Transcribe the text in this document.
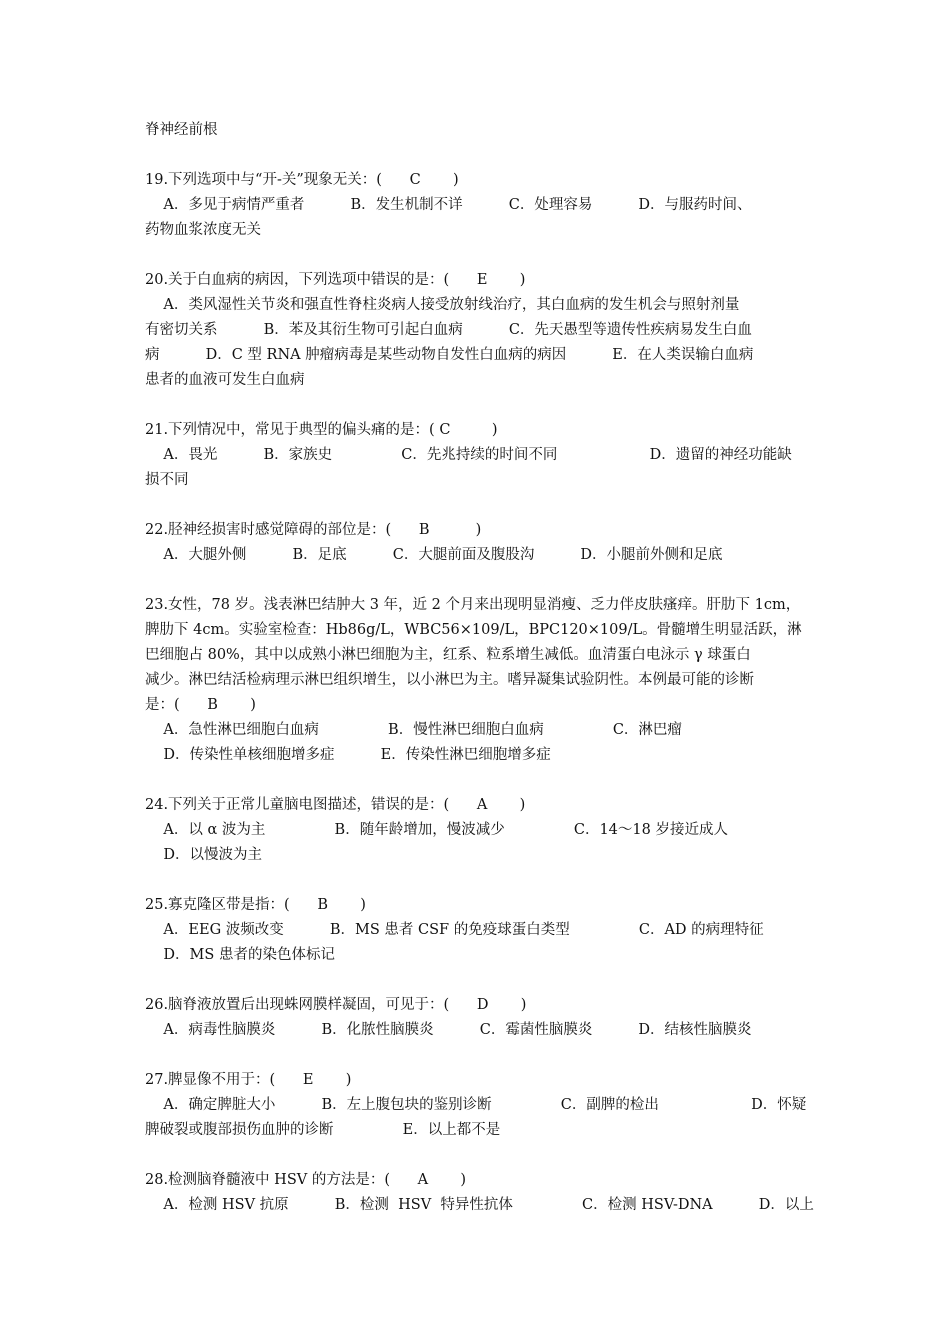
脊神经前根
19.下列选项中与“开-关”现象无关：(      C       )
A．多见于病情严重者          B．发生机制不详          C．处理容易          D．与服药时间、
药物血浆浓度无关
20.关于白血病的病因，下列选项中错误的是：(      E       )
A．类风湿性关节炎和强直性脊柱炎病人接受放射线治疗，其白血病的发生机会与照射剂量
有密切关系          B．苯及其衍生物可引起白血病          C．先天愚型等遗传性疾病易发生白血
病          D．C 型 RNA 肿瘤病毒是某些动物自发性白血病的病因          E．在人类误输白血病
患者的血液可发生白血病
21.下列情况中，常见于典型的偏头痛的是：( C         )
A．畏光          B．家族史               C．先兆持续的时间不同                    D．遗留的神经功能缺
损不同
22.胫神经损害时感觉障碍的部位是：(      B          )
A．大腿外侧          B．足底          C．大腿前面及腹股沟          D．小腿前外侧和足底
23.女性，78 岁。浅表淋巴结肿大 3 年，近 2 个月来出现明显消瘦、乏力伴皮肤瘙痒。肝肋下 1cm，
脾肋下 4cm。实验室检查：Hb86g/L，WBC56×109/L，BPC120×109/L。骨髓增生明显活跃，淋
巴细胞占 80%，其中以成熟小淋巴细胞为主，红系、粒系增生减低。血清蛋白电泳示 γ 球蛋白
减少。淋巴结活检病理示淋巴组织增生，以小淋巴为主。嗜异凝集试验阴性。本例最可能的诊断
是：(      B       )
A．急性淋巴细胞白血病               B．慢性淋巴细胞白血病               C．淋巴瘤
D．传染性单核细胞增多症          E．传染性淋巴细胞增多症
24.下列关于正常儿童脑电图描述，错误的是：(      A       )
A．以 α 波为主               B．随年龄增加，慢波减少               C．14～18 岁接近成人
D．以慢波为主
25.寡克隆区带是指：(      B       )
A．EEG 波频改变          B．MS 患者 CSF 的免疫球蛋白类型               C．AD 的病理特征
D．MS 患者的染色体标记
26.脑脊液放置后出现蛛网膜样凝固，可见于：(      D       )
A．病毒性脑膜炎          B．化脓性脑膜炎          C．霉菌性脑膜炎          D．结核性脑膜炎
27.脾显像不用于：(      E       )
A．确定脾脏大小          B．左上腹包块的鉴别诊断               C．副脾的检出                    D．怀疑
脾破裂或腹部损伤血肿的诊断               E．以上都不是
28.检测脑脊髓液中 HSV 的方法是：(      A       )
A．检测 HSV 抗原          B．检测  HSV  特异性抗体               C．检测 HSV-DNA          D．以上
